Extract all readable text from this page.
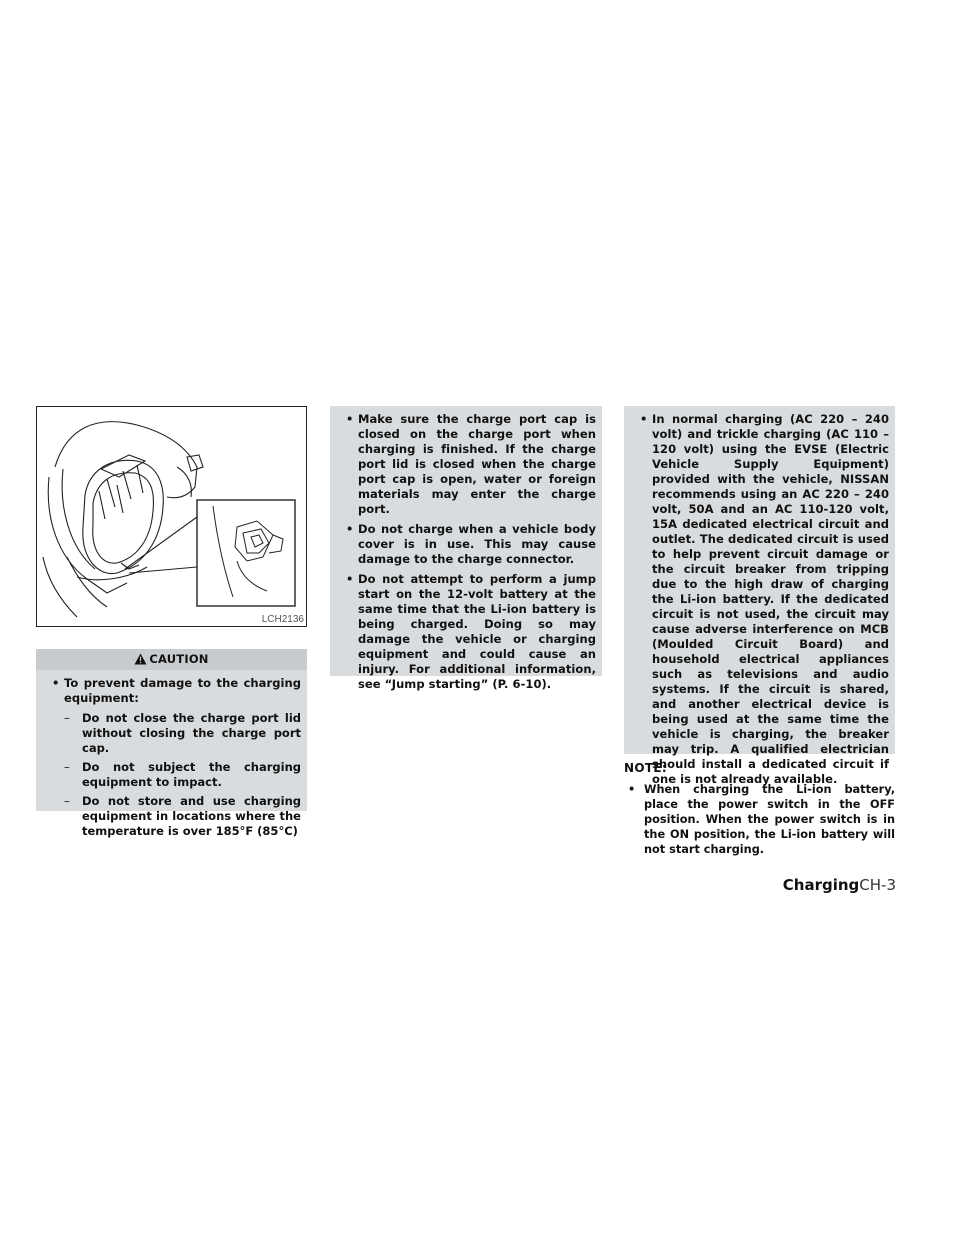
LCH2136
CAUTION
• To prevent damage to the charging equipment:
– Do not close the charge port lid without closing the charge port cap.
– Do not subject the charging equipment to impact.
– Do not store and use charging equipment in locations where the temperature is over 185°F (85°C)
• Make sure the charge port cap is closed on the charge port when charging is finished. If the charge port lid is closed when the charge port cap is open, water or foreign materials may enter the charge port.
• Do not charge when a vehicle body cover is in use. This may cause damage to the charge connector.
• Do not attempt to perform a jump start on the 12-volt battery at the same time that the Li-ion battery is being charged. Doing so may damage the vehicle or charging equipment and could cause an injury. For additional information, see “Jump starting” (P. 6-10).
• In normal charging (AC 220 – 240 volt) and trickle charging (AC 110 – 120 volt) using the EVSE (Electric Vehicle Supply Equipment) provided with the vehicle, NISSAN recommends using an AC 220 – 240 volt, 50A and an AC 110-120 volt, 15A dedicated electrical circuit and outlet. The dedicated circuit is used to help prevent circuit damage or the circuit breaker from tripping due to the high draw of charging the Li-ion battery. If the dedicated circuit is not used, the circuit may cause adverse interference on MCB (Moulded Circuit Board) and household electrical appliances such as televisions and audio systems. If the circuit is shared, and another electrical device is being used at the same time the vehicle is charging, the breaker may trip. A qualified electrician should install a dedicated circuit if one is not already available.
NOTE:
• When charging the Li-ion battery, place the power switch in the OFF position. When the power switch is in the ON position, the Li-ion battery will not start charging.
ChargingCH-3
